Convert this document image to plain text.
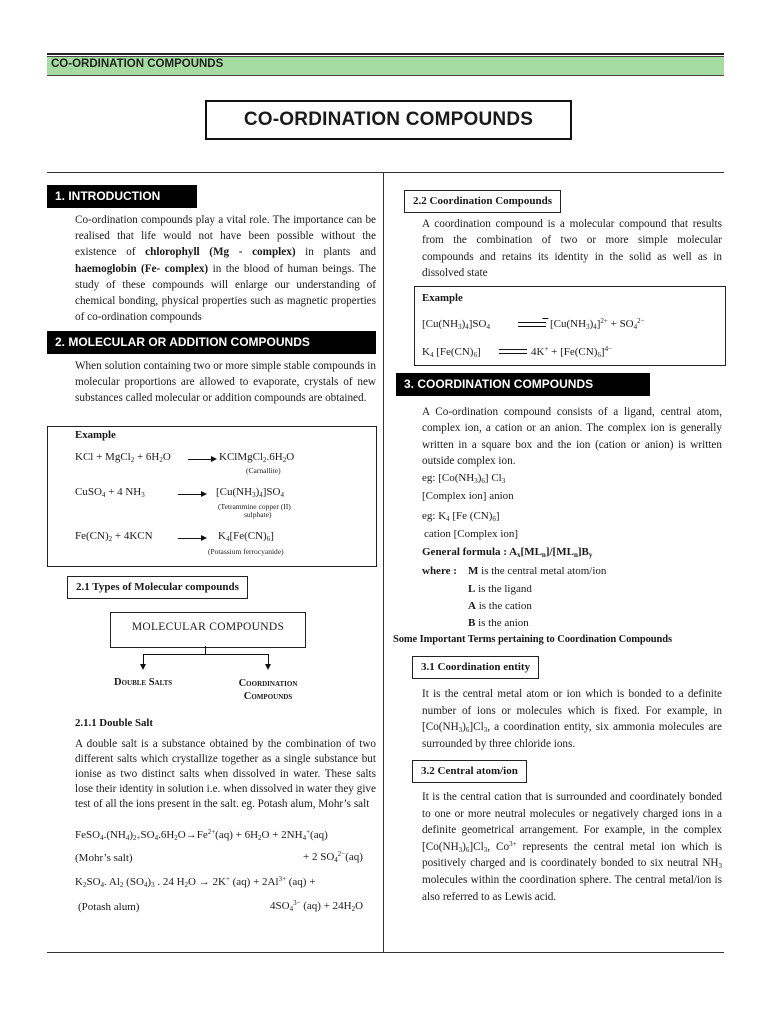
CO-ORDINATION COMPOUNDS
CO-ORDINATION COMPOUNDS
1. INTRODUCTION
Co-ordination compounds play a vital role. The importance can be realised that life would not have been possible without the existence of chlorophyll (Mg - complex) in plants and haemoglobin (Fe- complex) in the blood of human beings. The study of these compounds will enlarge our understanding of chemical bonding, physical properties such as magnetic properties of co-ordination compounds
2. MOLECULAR OR ADDITION COMPOUNDS
When solution containing two or more simple stable compounds in molecular proportions are allowed to evaporate, crystals of new substances called molecular or addition compounds are obtained.
Example
KCl + MgCl$_2$ + $6H_2O$	$KClMgCl_2.6H_2O$
(Carnallite)
CuSO$_4$ + 4 $NH_3$	$[Cu(NH_3)_4]SO_4$
(Tetrammine copper (II)
sulphate)
$Fe(CN)_2 + 4KCN$	$K_4[Fe(CN)_6]$
(Potassium ferrocyanide)
2.1 Types of Molecular compounds
MOLECULAR COMPOUNDS
Double Salts	Coordination
Compounds
2.1.1 Double Salt
A double salt is a substance obtained by the combination of two different salts which crystallize together as a single substance but ionise as two distinct salts when dissolved in water. These salts lose their identity in solution i.e. when dissolved in water they give test of all the ions present in the salt. eg. Potash alum, Mohr’s salt
$FeSO_4.(NH_4)_{2+}SO_4.6H_2O\to Fe^{2+}(aq) + 6H_2O + 2NH_4^+(aq)$
(Mohr’s salt)	+ 2 $SO_4^{2-}(aq)$
$K_2SO_4$. $Al_2$ $(SO_4)_3$ . 24 $H_2O \to 2K^+$ $(aq) + 2Al^{3+}$ (aq) +
(Potash alum)	$4SO_4^{3-}$ $(aq) + 24H_2O$
2.2 Coordination Compounds
A coordination compound is a molecular compound that results from the combination of two or more simple molecular compounds and retains its identity in the solid as well as in dissolved state
Example
$[Cu(NH_3)_4]SO_4$	$[Cu(NH_3)_4]^{2+} + SO_4^{2-}$
$K_4$ $[Fe(CN)_6]$	$4K^+ + [Fe(CN)_6]^{4-}$
3. COORDINATION COMPOUNDS
A Co-ordination compound consists of a ligand, central atom, complex ion, a cation or an anion. The complex ion is generally written in a square box and the ion (cation or anion) is written outside complex ion.
eg: $[Co(NH_3)_6]$ $Cl_3$
[Complex ion] anion
eg: $K_4$ [Fe $(CN)_6$]
cation [Complex ion]
General formula : $A_x[ML_n]/[ML_n]B_y$
where : M is the central metal atom/ion
L is the ligand
A is the cation
B is the anion
Some Important Terms pertaining to Coordination Compounds
3.1 Coordination entity
It is the central metal atom or ion which is bonded to a definite number of ions or molecules which is fixed. For example, in $[Co(NH_3)_6]Cl_3$, a coordination entity, six ammonia molecules are surrounded by three chloride ions.
3.2 Central atom/ion
It is the central cation that is surrounded and coordinately bonded to one or more neutral molecules or negatively charged ions in a definite geometrical arrangement. For example, in the complex $[Co(NH_3)_6]Cl_3$, $Co^{3+}$ represents the central metal ion which is positively charged and is coordinately bonded to six neutral $NH_3$ molecules within the coordination sphere. The central metal/ion is also referred to as Lewis acid.
